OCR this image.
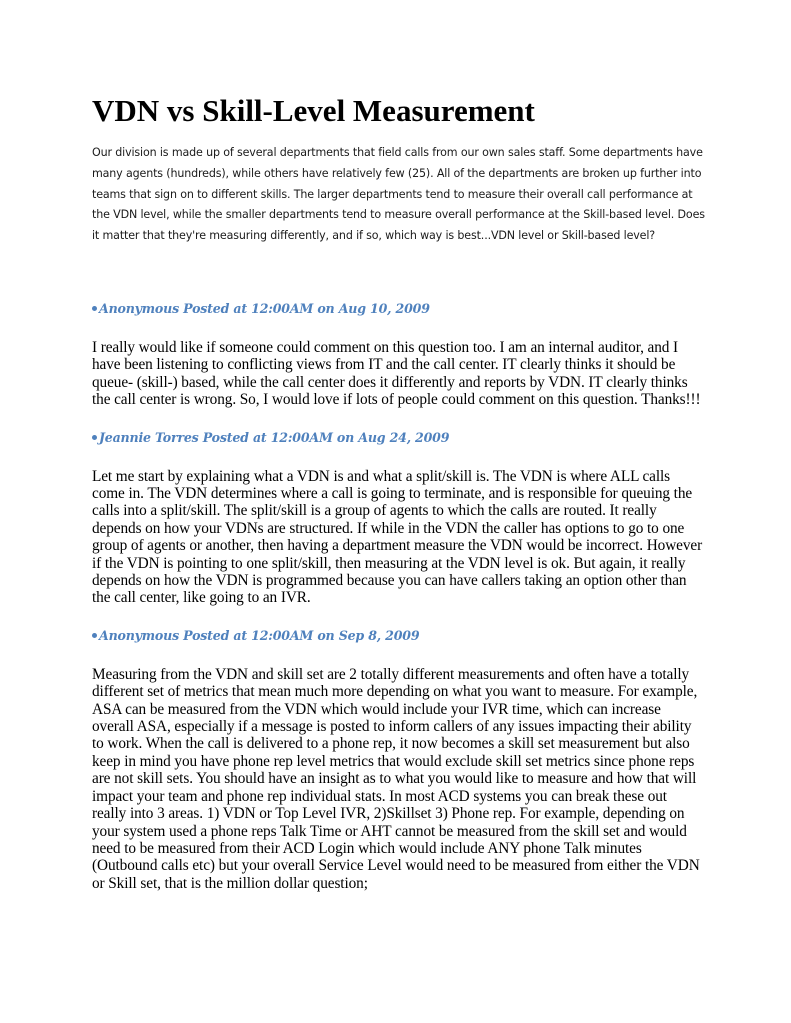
VDN vs Skill-Level Measurement

Our division is made up of several departments that field calls from our own sales staff. Some departments have many agents (hundreds), while others have relatively few (25). All of the departments are broken up further into teams that sign on to different skills. The larger departments tend to measure their overall call performance at the VDN level, while the smaller departments tend to measure overall performance at the Skill-based level. Does it matter that they're measuring differently, and if so, which way is best...VDN level or Skill-based level?

Anonymous Posted at 12:00AM on Aug 10, 2009

I really would like if someone could comment on this question too. I am an internal auditor, and I have been listening to conflicting views from IT and the call center. IT clearly thinks it should be queue- (skill-) based, while the call center does it differently and reports by VDN. IT clearly thinks the call center is wrong. So, I would love if lots of people could comment on this question. Thanks!!!

Jeannie Torres Posted at 12:00AM on Aug 24, 2009

Let me start by explaining what a VDN is and what a split/skill is. The VDN is where ALL calls come in. The VDN determines where a call is going to terminate, and is responsible for queuing the calls into a split/skill. The split/skill is a group of agents to which the calls are routed. It really depends on how your VDNs are structured. If while in the VDN the caller has options to go to one group of agents or another, then having a department measure the VDN would be incorrect. However if the VDN is pointing to one split/skill, then measuring at the VDN level is ok. But again, it really depends on how the VDN is programmed because you can have callers taking an option other than the call center, like going to an IVR.

Anonymous Posted at 12:00AM on Sep 8, 2009

Measuring from the VDN and skill set are 2 totally different measurements and often have a totally different set of metrics that mean much more depending on what you want to measure. For example, ASA can be measured from the VDN which would include your IVR time, which can increase overall ASA, especially if a message is posted to inform callers of any issues impacting their ability to work. When the call is delivered to a phone rep, it now becomes a skill set measurement but also keep in mind you have phone rep level metrics that would exclude skill set metrics since phone reps are not skill sets. You should have an insight as to what you would like to measure and how that will impact your team and phone rep individual stats. In most ACD systems you can break these out really into 3 areas. 1) VDN or Top Level IVR, 2)Skillset 3) Phone rep. For example, depending on your system used a phone reps Talk Time or AHT cannot be measured from the skill set and would need to be measured from their ACD Login which would include ANY phone Talk minutes (Outbound calls etc) but your overall Service Level would need to be measured from either the VDN or Skill set, that is the million dollar question;
